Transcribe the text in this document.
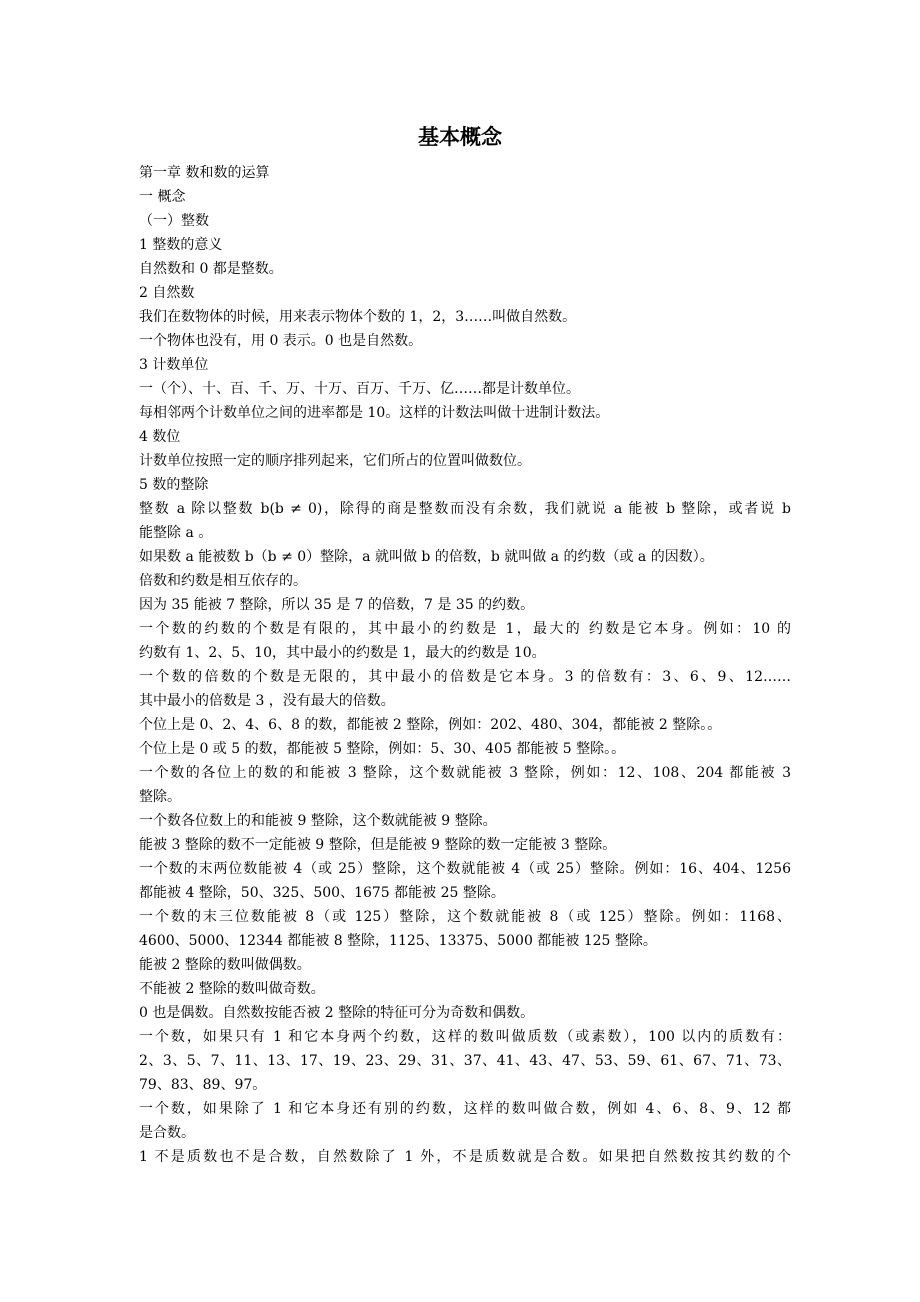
基本概念

第一章 数和数的运算

一 概念

（一）整数

1 整数的意义

自然数和 0 都是整数。

2 自然数

我们在数物体的时候，用来表示物体个数的 1，2，3……叫做自然数。

一个物体也没有，用 0 表示。0 也是自然数。

3 计数单位

一（个）、十、百、千、万、十万、百万、千万、亿……都是计数单位。

每相邻两个计数单位之间的进率都是 10。这样的计数法叫做十进制计数法。

4 数位

计数单位按照一定的顺序排列起来，它们所占的位置叫做数位。

5 数的整除

整数 a 除以整数 b(b ≠ 0)，除得的商是整数而没有余数，我们就说 a 能被 b 整除，或者说 b

能整除 a 。

如果数 a 能被数 b（b ≠ 0）整除，a 就叫做 b 的倍数，b 就叫做 a 的约数（或 a 的因数）。

倍数和约数是相互依存的。

因为 35 能被 7 整除，所以 35 是 7 的倍数，7 是 35 的约数。

一个数的约数的个数是有限的，其中最小的约数是 1，最大的 约数是它本身。例如：10 的

约数有 1、2、5、10，其中最小的约数是 1，最大的约数是 10。

一个数的倍数的个数是无限的，其中最小的倍数是它本身。3 的倍数有：3、6、9、12……

其中最小的倍数是 3 ，没有最大的倍数。

个位上是 0、2、4、6、8 的数，都能被 2 整除，例如：202、480、304，都能被 2 整除。。

个位上是 0 或 5 的数，都能被 5 整除，例如：5、30、405 都能被 5 整除。。

一个数的各位上的数的和能被 3 整除，这个数就能被 3 整除，例如：12、108、204 都能被 3

整除。

一个数各位数上的和能被 9 整除，这个数就能被 9 整除。

能被 3 整除的数不一定能被 9 整除，但是能被 9 整除的数一定能被 3 整除。

一个数的末两位数能被 4（或 25）整除，这个数就能被 4（或 25）整除。例如：16、404、1256

都能被 4 整除，50、325、500、1675 都能被 25 整除。

一个数的末三位数能被 8（或 125）整除，这个数就能被 8（或 125）整除。例如：1168、

4600、5000、12344 都能被 8 整除，1125、13375、5000 都能被 125 整除。

能被 2 整除的数叫做偶数。

不能被 2 整除的数叫做奇数。

0 也是偶数。自然数按能否被 2 整除的特征可分为奇数和偶数。

一个数，如果只有 1 和它本身两个约数，这样的数叫做质数（或素数），100 以内的质数有：

2、3、5、7、11、13、17、19、23、29、31、37、41、43、47、53、59、61、67、71、73、

79、83、89、97。

一个数，如果除了 1 和它本身还有别的约数，这样的数叫做合数，例如 4、6、8、9、12 都

是合数。

1 不是质数也不是合数，自然数除了 1 外，不是质数就是合数。如果把自然数按其约数的个
